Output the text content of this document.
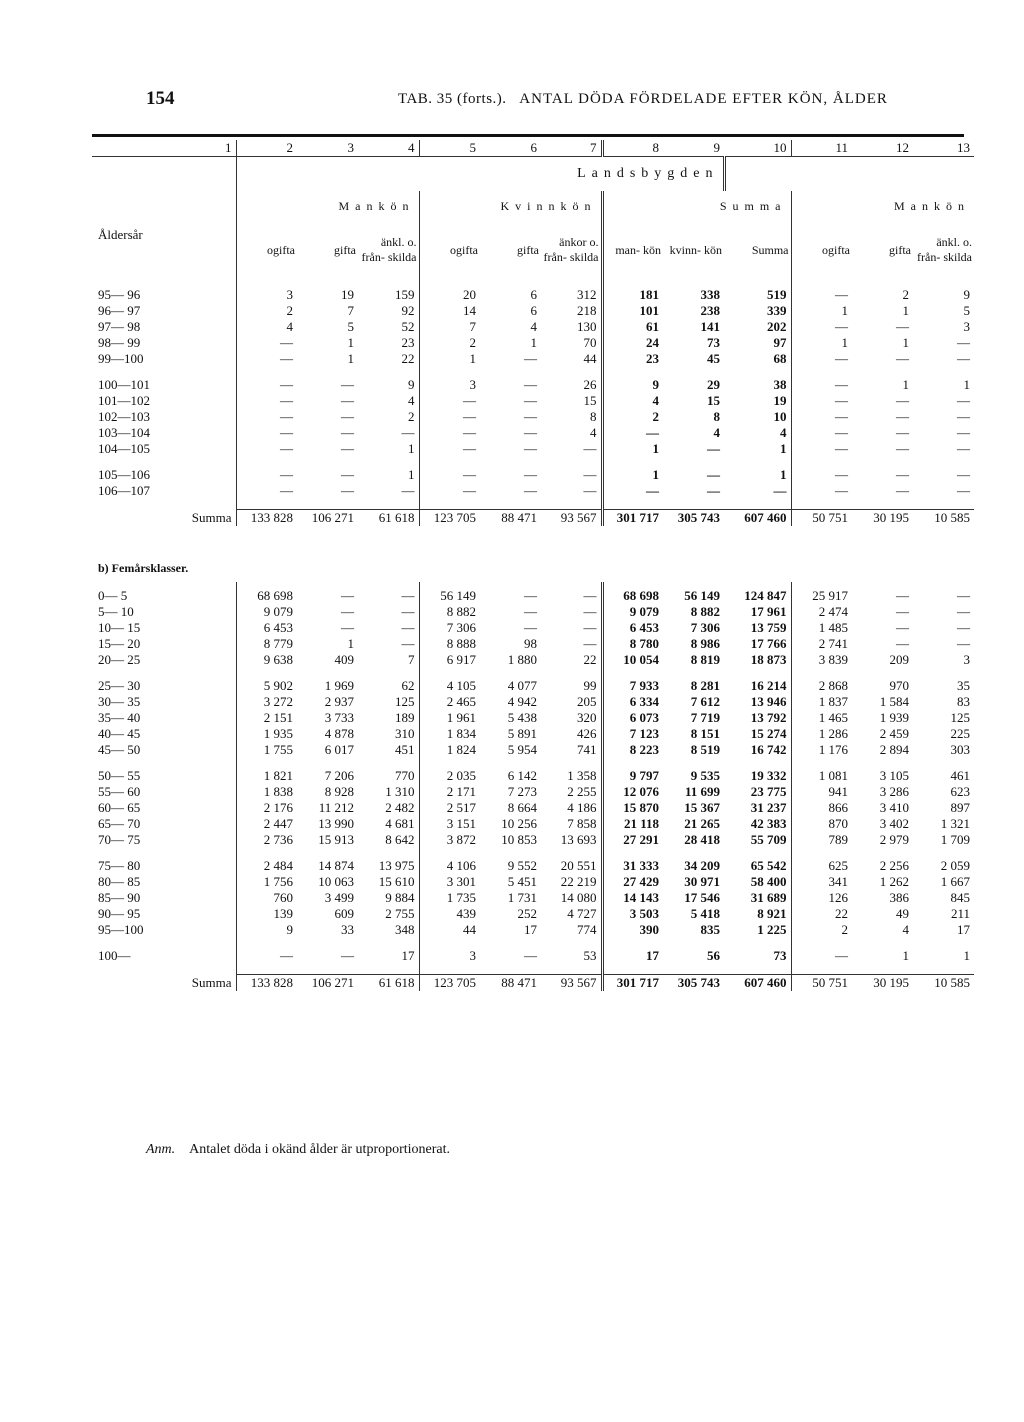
154	TAB. 35 (forts.). ANTAL DÖDA FÖRDELADE EFTER KÖN, ÅLDER
1	2	3	4	5	6	7	8	9	10	11	12	13
	Landsbygden											
Åldersår	Mankön			Kvinnkön			Summa			Mankön		
	ogifta	gifta	änkl. o. från- skilda	ogifta	gifta	änkor o. från- skilda	man- kön	kvinn- kön	Summa	ogifta	gifta	änkl. o. från- skilda

95— 96	3	19	159	20	6	312	181	338	519	—	2	9
96— 97	2	7	92	14	6	218	101	238	339	1	1	5
97— 98	4	5	52	7	4	130	61	141	202	—	—	3
98— 99	—	1	23	2	1	70	24	73	97	1	1	—
99—100	—	1	22	1	—	44	23	45	68	—	—	—

100—101	—	—	9	3	—	26	9	29	38	—	1	1
101—102	—	—	4	—	—	15	4	15	19	—	—	—
102—103	—	—	2	—	—	8	2	8	10	—	—	—
103—104	—	—	—	—	—	4	—	4	4	—	—	—
104—105	—	—	1	—	—	—	1	—	1	—	—	—

105—106	—	—	1	—	—	—	1	—	1	—	—	—
106—107	—	—	—	—	—	—	—	—	—	—	—	—

Summa	133 828	106 271	61 618	123 705	88 471	93 567	301 717	305 743	607 460	50 751	30 195	10 585
b) Femårsklasser.												

0— 5	68 698	—	—	56 149	—	—	68 698	56 149	124 847	25 917	—	—
5— 10	9 079	—	—	8 882	—	—	9 079	8 882	17 961	2 474	—	—
10— 15	6 453	—	—	7 306	—	—	6 453	7 306	13 759	1 485	—	—
15— 20	8 779	1	—	8 888	98	—	8 780	8 986	17 766	2 741	—	—
20— 25	9 638	409	7	6 917	1 880	22	10 054	8 819	18 873	3 839	209	3

25— 30	5 902	1 969	62	4 105	4 077	99	7 933	8 281	16 214	2 868	970	35
30— 35	3 272	2 937	125	2 465	4 942	205	6 334	7 612	13 946	1 837	1 584	83
35— 40	2 151	3 733	189	1 961	5 438	320	6 073	7 719	13 792	1 465	1 939	125
40— 45	1 935	4 878	310	1 834	5 891	426	7 123	8 151	15 274	1 286	2 459	225
45— 50	1 755	6 017	451	1 824	5 954	741	8 223	8 519	16 742	1 176	2 894	303

50— 55	1 821	7 206	770	2 035	6 142	1 358	9 797	9 535	19 332	1 081	3 105	461
55— 60	1 838	8 928	1 310	2 171	7 273	2 255	12 076	11 699	23 775	941	3 286	623
60— 65	2 176	11 212	2 482	2 517	8 664	4 186	15 870	15 367	31 237	866	3 410	897
65— 70	2 447	13 990	4 681	3 151	10 256	7 858	21 118	21 265	42 383	870	3 402	1 321
70— 75	2 736	15 913	8 642	3 872	10 853	13 693	27 291	28 418	55 709	789	2 979	1 709

75— 80	2 484	14 874	13 975	4 106	9 552	20 551	31 333	34 209	65 542	625	2 256	2 059
80— 85	1 756	10 063	15 610	3 301	5 451	22 219	27 429	30 971	58 400	341	1 262	1 667
85— 90	760	3 499	9 884	1 735	1 731	14 080	14 143	17 546	31 689	126	386	845
90— 95	139	609	2 755	439	252	4 727	3 503	5 418	8 921	22	49	211
95—100	9	33	348	44	17	774	390	835	1 225	2	4	17

100—	—	—	17	3	—	53	17	56	73	—	1	1

Summa	133 828	106 271	61 618	123 705	88 471	93 567	301 717	305 743	607 460	50 751	30 195	10 585
Anm. Antalet döda i okänd ålder är utproportionerat.
